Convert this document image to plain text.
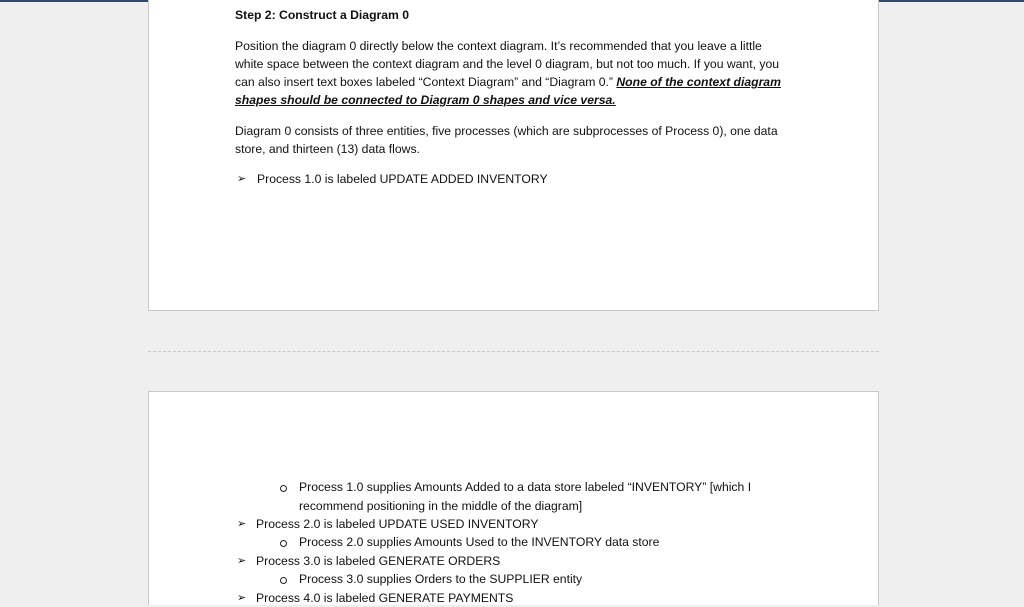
Step 2: Construct a Diagram 0
Position the diagram 0 directly below the context diagram. It’s recommended that you leave a little
white space between the context diagram and the level 0 diagram, but not too much. If you want, you
can also insert text boxes labeled “Context Diagram” and “Diagram 0.” None of the context diagram
shapes should be connected to Diagram 0 shapes and vice versa.
Diagram 0 consists of three entities, five processes (which are subprocesses of Process 0), one data
store, and thirteen (13) data flows.
➢ Process 1.0 is labeled UPDATE ADDED INVENTORY
Process 1.0 supplies Amounts Added to a data store labeled “INVENTORY” [which I
recommend positioning in the middle of the diagram]
➢ Process 2.0 is labeled UPDATE USED INVENTORY
Process 2.0 supplies Amounts Used to the INVENTORY data store
➢ Process 3.0 is labeled GENERATE ORDERS
Process 3.0 supplies Orders to the SUPPLIER entity
➢ Process 4.0 is labeled GENERATE PAYMENTS
